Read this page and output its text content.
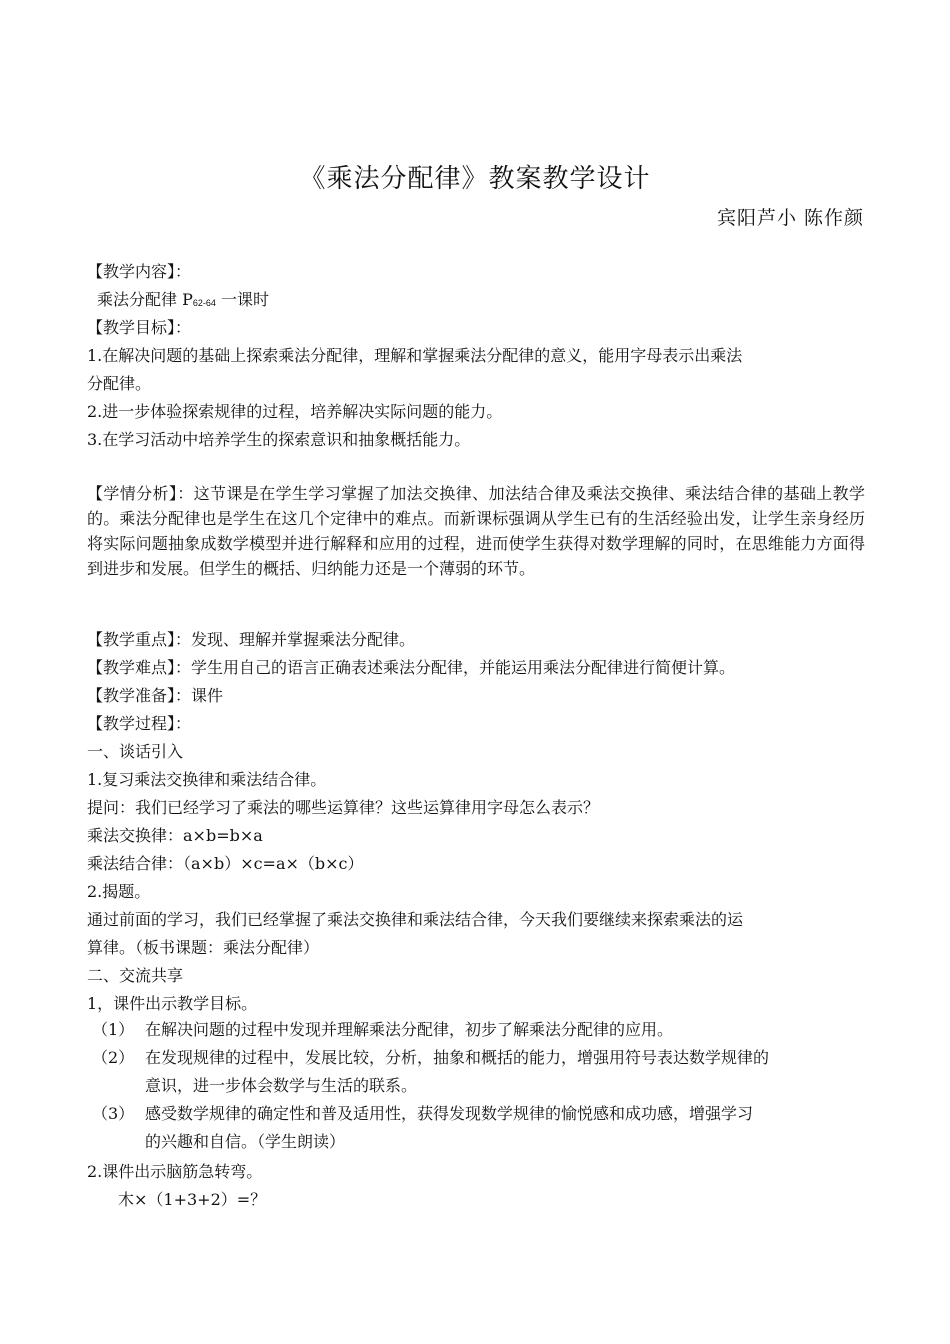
《乘法分配律》教案教学设计
宾阳芦小 陈作颜
【教学内容】：
乘法分配律 $P_{62-64}$ 一课时
【教学目标】：
1.在解决问题的基础上探索乘法分配律，理解和掌握乘法分配律的意义，能用字母表示出乘法
分配律。
2.进一步体验探索规律的过程，培养解决实际问题的能力。
3.在学习活动中培养学生的探索意识和抽象概括能力。
【学情分析】：这节课是在学生学习掌握了加法交换律、加法结合律及乘法交换律、乘法结合律的基础上教学的。乘法分配律也是学生在这几个定律中的难点。而新课标强调从学生已有的生活经验出发，让学生亲身经历将实际问题抽象成数学模型并进行解释和应用的过程，进而使学生获得对数学理解的同时，在思维能力方面得到进步和发展。但学生的概括、归纳能力还是一个薄弱的环节。
【教学重点】：发现、理解并掌握乘法分配律。
【教学难点】：学生用自己的语言正确表述乘法分配律，并能运用乘法分配律进行简便计算。
【教学准备】：课件
【教学过程】：
一、谈话引入
1.复习乘法交换律和乘法结合律。
提问：我们已经学习了乘法的哪些运算律？这些运算律用字母怎么表示？
乘法交换律：a×b=b×a
乘法结合律：（a×b）×c=a×（b×c）
2.揭题。
通过前面的学习，我们已经掌握了乘法交换律和乘法结合律，今天我们要继续来探索乘法的运
算律。（板书课题：乘法分配律）
二、交流共享
1，课件出示教学目标。
（1） 在解决问题的过程中发现并理解乘法分配律，初步了解乘法分配律的应用。
（2） 在发现规律的过程中，发展比较，分析，抽象和概括的能力，增强用符号表达数学规律的
意识，进一步体会数学与生活的联系。
（3） 感受数学规律的确定性和普及适用性，获得发现数学规律的愉悦感和成功感，增强学习
的兴趣和自信。（学生朗读）
2.课件出示脑筋急转弯。
木×（1+3+2）=？
